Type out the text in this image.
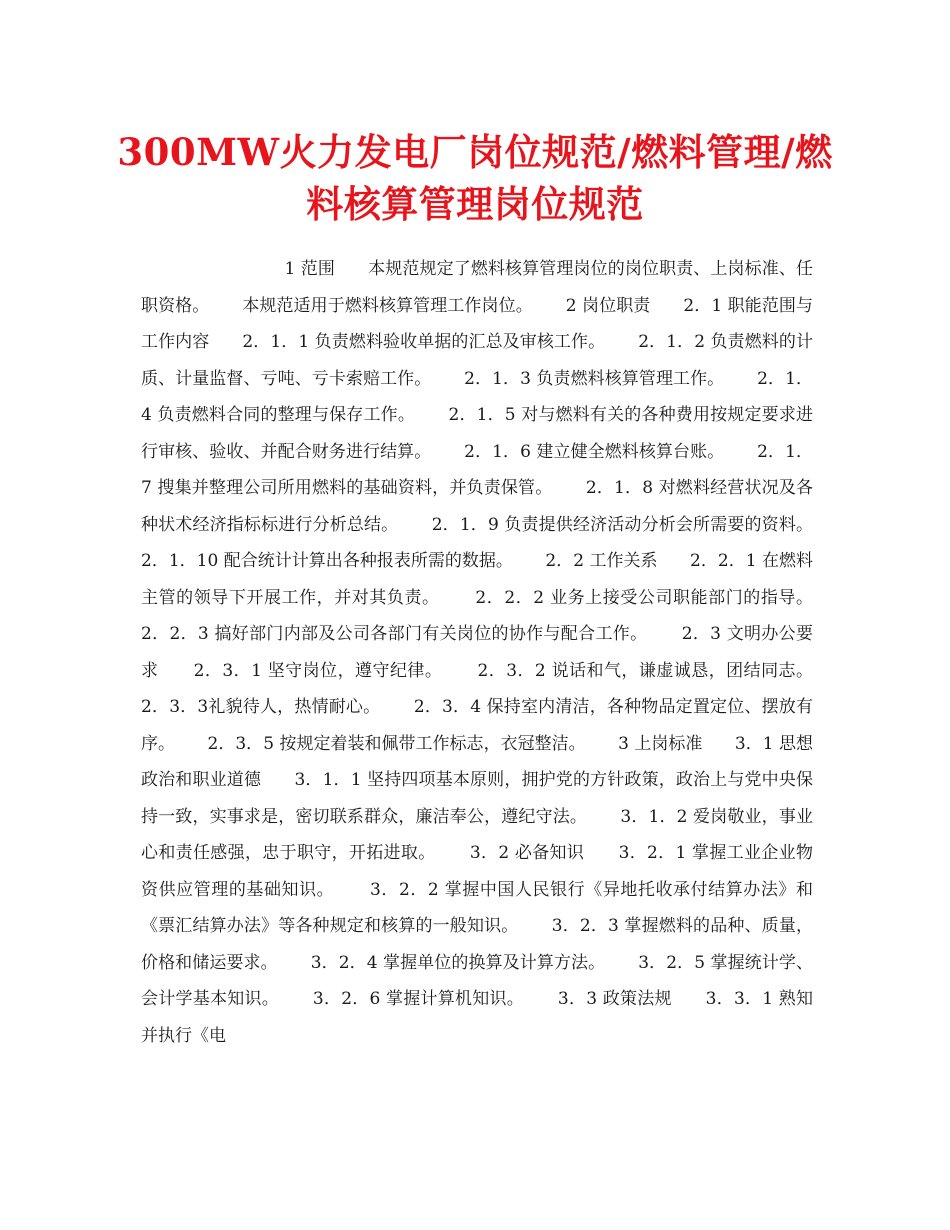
300MW火力发电厂岗位规范/燃料管理/燃料核算管理岗位规范

1 范围      本规范规定了燃料核算管理岗位的岗位职责、上岗标准、任职资格。      本规范适用于燃料核算管理工作岗位。      2 岗位职责      2．1 职能范围与工作内容      2．1．1 负责燃料验收单据的汇总及审核工作。      2．1．2 负责燃料的计质、计量监督、亏吨、亏卡索赔工作。      2．1．3 负责燃料核算管理工作。      2．1．4 负责燃料合同的整理与保存工作。      2．1．5 对与燃料有关的各种费用按规定要求进行审核、验收、并配合财务进行结算。      2．1．6 建立健全燃料核算台账。      2．1．7 搜集并整理公司所用燃料的基础资料，并负责保管。      2．1．8 对燃料经营状况及各种状术经济指标标进行分析总结。      2．1．9 负责提供经济活动分析会所需要的资料。      2．1．10 配合统计计算出各种报表所需的数据。      2．2 工作关系      2．2．1 在燃料主管的领导下开展工作，并对其负责。      2．2．2 业务上接受公司职能部门的指导。      2．2．3 搞好部门内部及公司各部门有关岗位的协作与配合工作。      2．3 文明办公要求      2．3．1 坚守岗位，遵守纪律。      2．3．2 说话和气，谦虚诚恳，团结同志。      2．3．3礼貌待人，热情耐心。      2．3．4 保持室内清洁，各种物品定置定位、摆放有序。      2．3．5 按规定着装和佩带工作标志，衣冠整洁。      3 上岗标准      3．1 思想政治和职业道德      3．1．1 坚持四项基本原则，拥护党的方针政策，政治上与党中央保持一致，实事求是，密切联系群众，廉洁奉公，遵纪守法。      3．1．2 爱岗敬业，事业心和责任感强，忠于职守，开拓进取。      3．2 必备知识      3．2．1 掌握工业企业物资供应管理的基础知识。      3．2．2 掌握中国人民银行《异地托收承付结算办法》和《票汇结算办法》等各种规定和核算的一般知识。      3．2．3 掌握燃料的品种、质量，价格和储运要求。      3．2．4 掌握单位的换算及计算方法。      3．2．5 掌握统计学、会计学基本知识。      3．2．6 掌握计算机知识。      3．3 政策法规      3．3．1 熟知并执行《电
